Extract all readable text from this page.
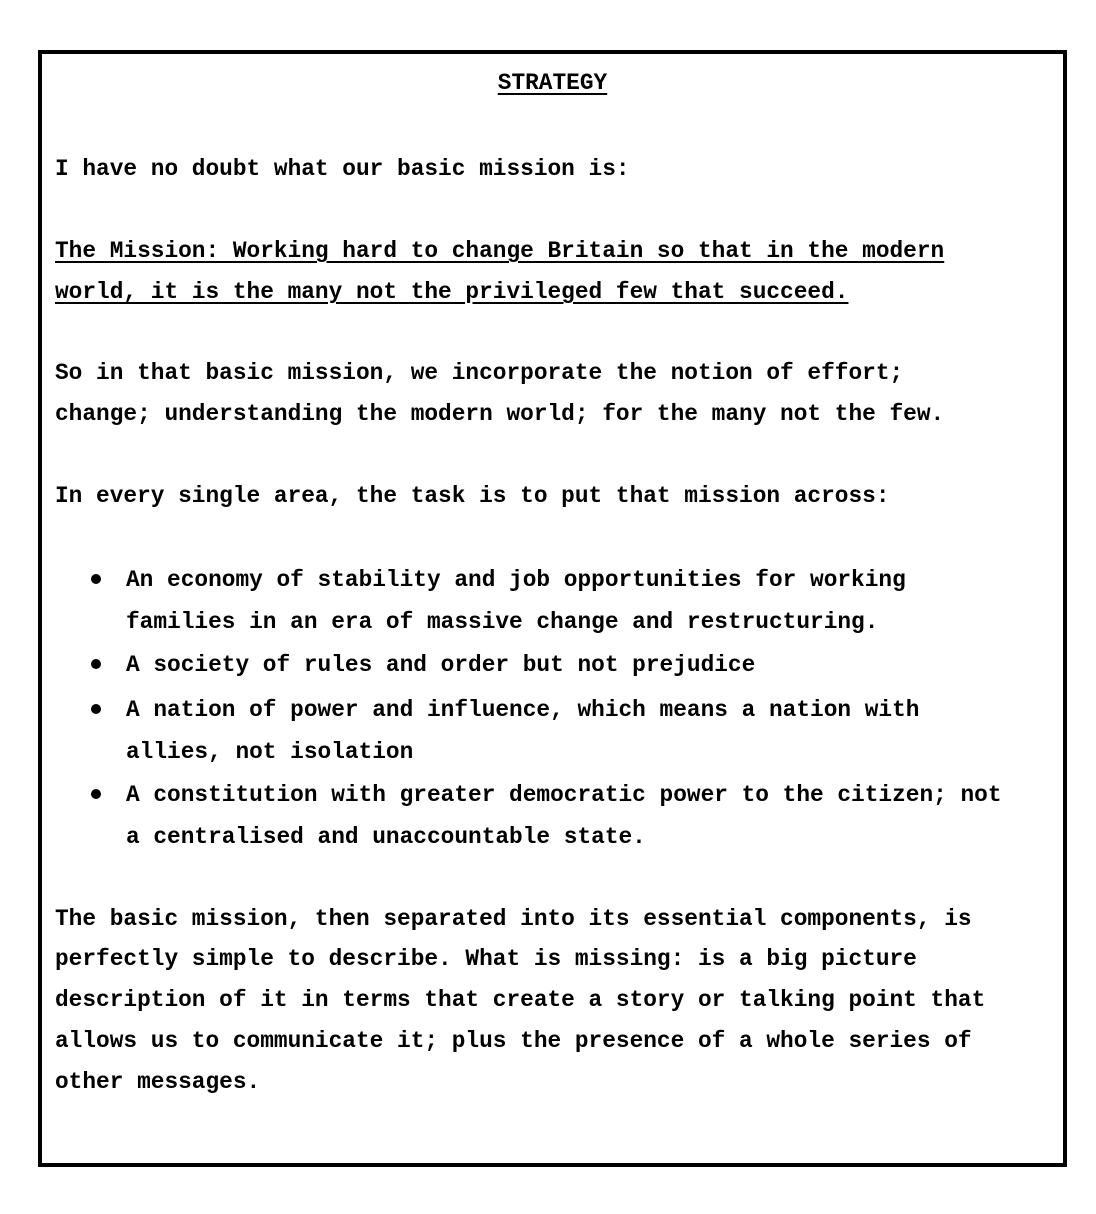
STRATEGY
I have no doubt what our basic mission is:
The Mission: Working hard to change Britain so that in the modern
world, it is the many not the privileged few that succeed.
So in that basic mission, we incorporate the notion of effort;
change; understanding the modern world; for the many not the few.
In every single area, the task is to put that mission across:
An economy of stability and job opportunities for working
families in an era of massive change and restructuring.
A society of rules and order but not prejudice
A nation of power and influence, which means a nation with
allies, not isolation
A constitution with greater democratic power to the citizen; not
a centralised and unaccountable state.
The basic mission, then separated into its essential components, is
perfectly simple to describe. What is missing: is a big picture
description of it in terms that create a story or talking point that
allows us to communicate it; plus the presence of a whole series of
other messages.
